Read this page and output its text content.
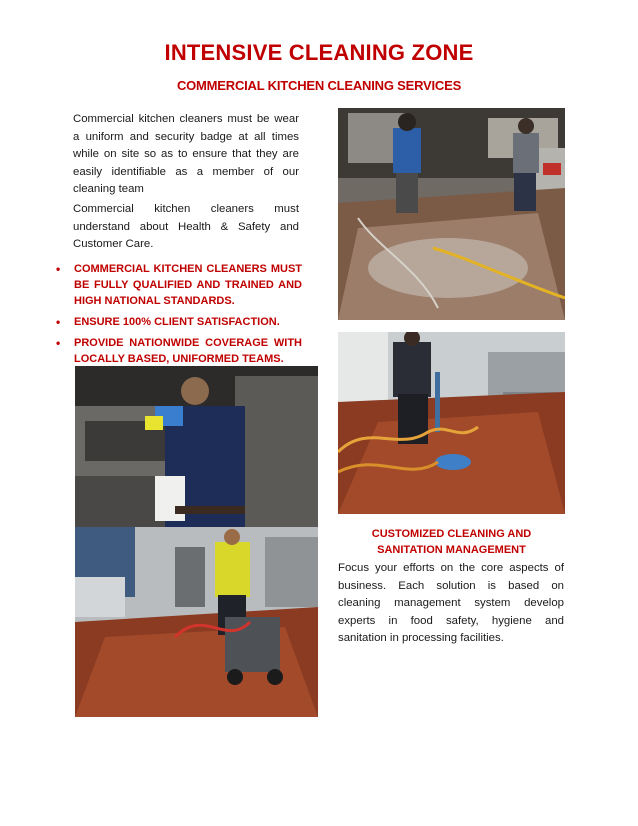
INTENSIVE CLEANING ZONE
COMMERCIAL KITCHEN CLEANING SERVICES
Commercial kitchen cleaners must be wear a uniform and security badge at all times while on site so as to ensure that they are easily identifiable as a member of our cleaning team
Commercial kitchen cleaners must understand about Health & Safety and Customer Care.
• COMMERCIAL KITCHEN CLEANERS MUST BE FULLY QUALIFIED AND TRAINED AND HIGH NATIONAL STANDARDS.
• ENSURE 100% CLIENT SATISFACTION.
• PROVIDE NATIONWIDE COVERAGE WITH LOCALLY BASED, UNIFORMED TEAMS.
CUSTOMIZED CLEANING AND SANITATION MANAGEMENT
Focus your efforts on the core aspects of business. Each solution is based on cleaning management system develop experts in food safety, hygiene and sanitation in processing facilities.
